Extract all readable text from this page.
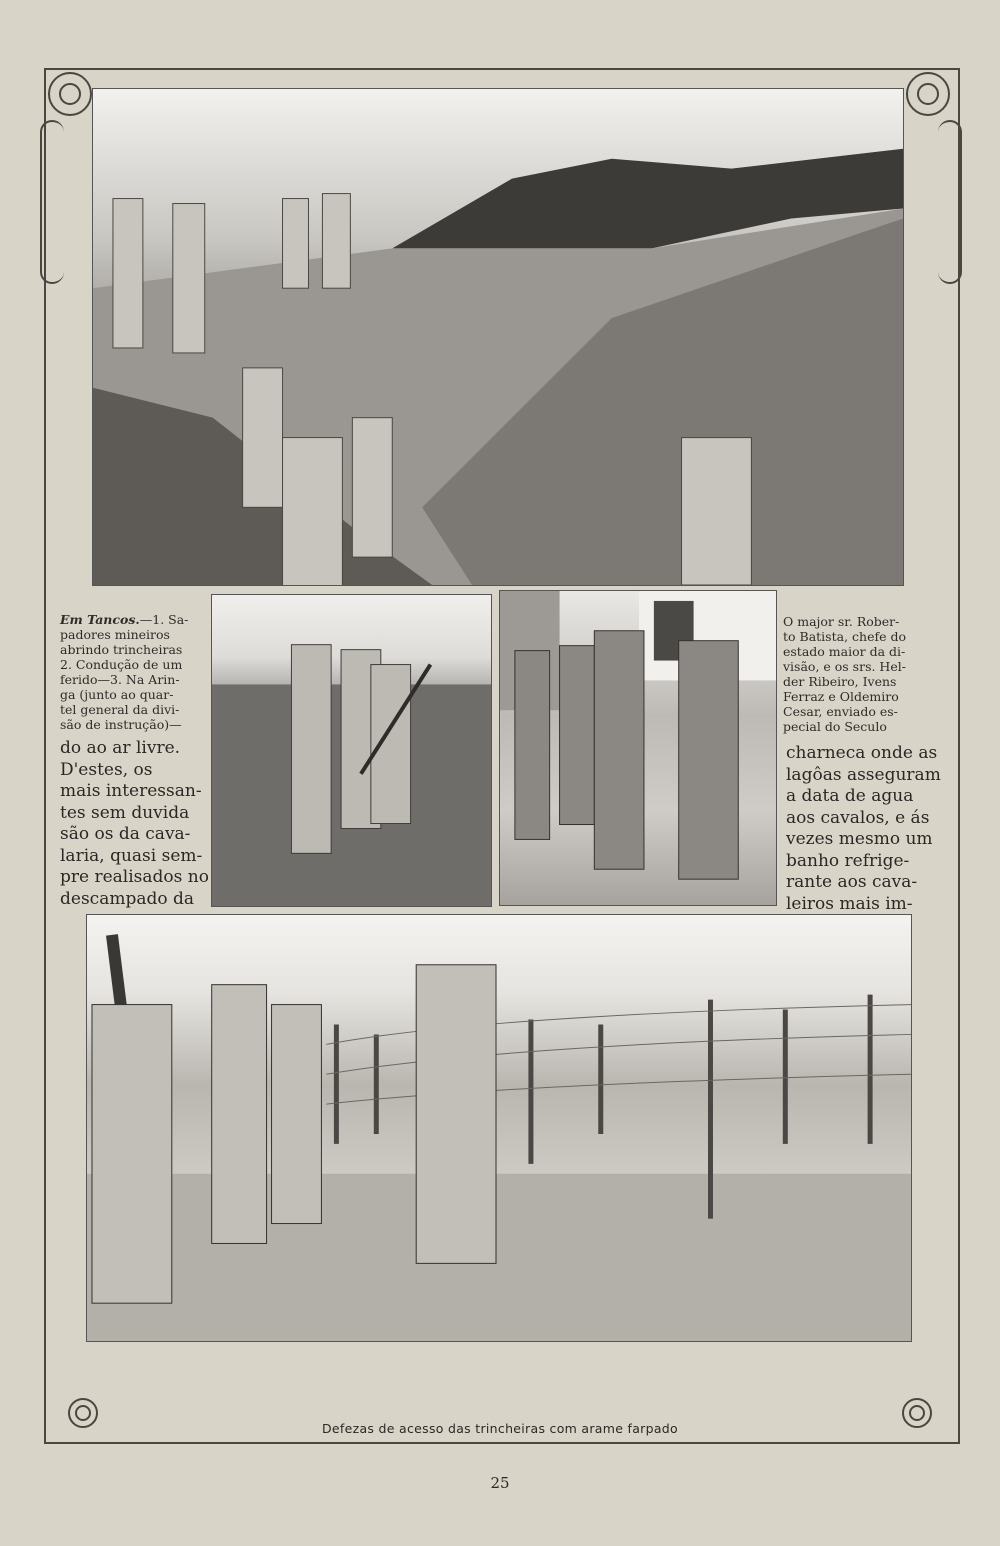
Em Tancos.—1. Sa-
padores mineiros
abrindo trincheiras
2. Condução de um
ferido—3. Na Arin-
ga (junto ao quar-
tel general da divi-
são de instrução)—
O major sr. Rober-
to Batista, chefe do
estado maior da di-
visão, e os srs. Hel-
der Ribeiro, Ivens
Ferraz e Oldemiro
Cesar, enviado es-
pecial do Seculo
do ao ar livre.
D'estes, os
mais interessan-
tes sem duvida
são os da cava-
laria, quasi sem-
pre realisados no
descampado da
charneca onde as
lagôas asseguram
a data de agua
aos cavalos, e ás
vezes mesmo um
banho refrige-
rante aos cava-
leiros mais im-
Defezas de acesso das trincheiras com arame farpado
25
